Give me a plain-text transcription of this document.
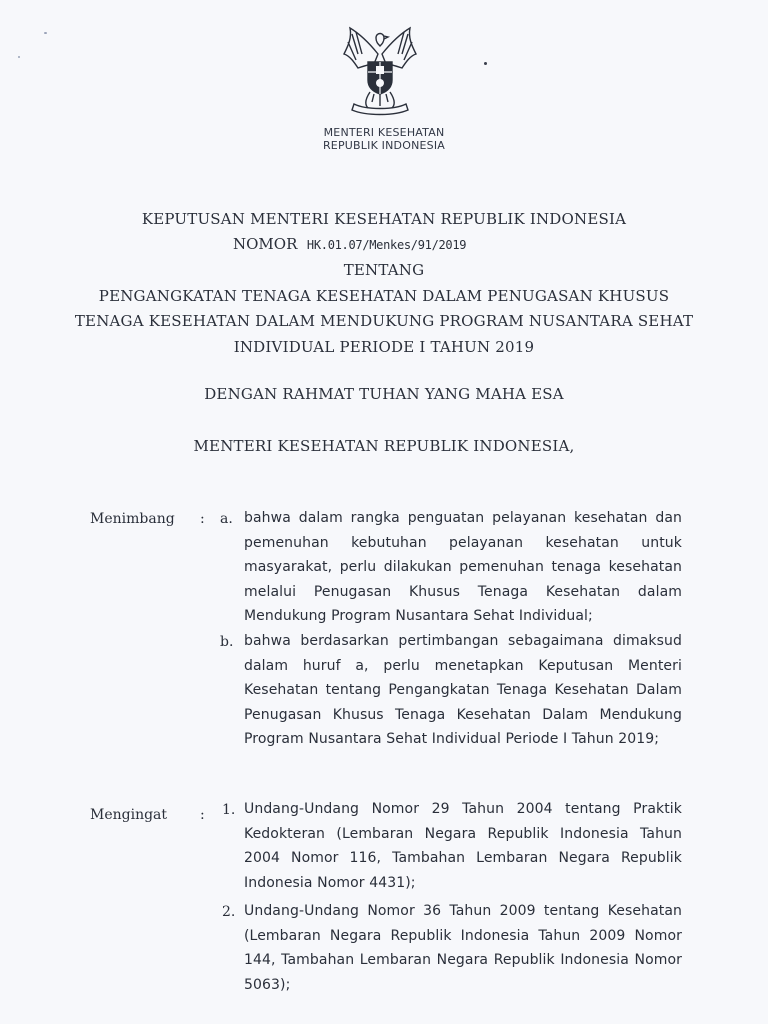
MENTERI KESEHATAN
REPUBLIK INDONESIA
KEPUTUSAN MENTERI KESEHATAN REPUBLIK INDONESIA
NOMOR HK.01.07/Menkes/91/2019
TENTANG
PENGANGKATAN TENAGA KESEHATAN DALAM PENUGASAN KHUSUS
TENAGA KESEHATAN DALAM MENDUKUNG PROGRAM NUSANTARA SEHAT
INDIVIDUAL PERIODE I TAHUN 2019
DENGAN RAHMAT TUHAN YANG MAHA ESA
MENTERI KESEHATAN REPUBLIK INDONESIA,
Menimbang : a. bahwa dalam rangka penguatan pelayanan kesehatan dan pemenuhan kebutuhan pelayanan kesehatan untuk masyarakat, perlu dilakukan pemenuhan tenaga kesehatan melalui Penugasan Khusus Tenaga Kesehatan dalam Mendukung Program Nusantara Sehat Individual;
b. bahwa berdasarkan pertimbangan sebagaimana dimaksud dalam huruf a, perlu menetapkan Keputusan Menteri Kesehatan tentang Pengangkatan Tenaga Kesehatan Dalam Penugasan Khusus Tenaga Kesehatan Dalam Mendukung Program Nusantara Sehat Individual Periode I Tahun 2019;
Mengingat : 1. Undang-Undang Nomor 29 Tahun 2004 tentang Praktik Kedokteran (Lembaran Negara Republik Indonesia Tahun 2004 Nomor 116, Tambahan Lembaran Negara Republik Indonesia Nomor 4431);
2. Undang-Undang Nomor 36 Tahun 2009 tentang Kesehatan (Lembaran Negara Republik Indonesia Tahun 2009 Nomor 144, Tambahan Lembaran Negara Republik Indonesia Nomor 5063);
